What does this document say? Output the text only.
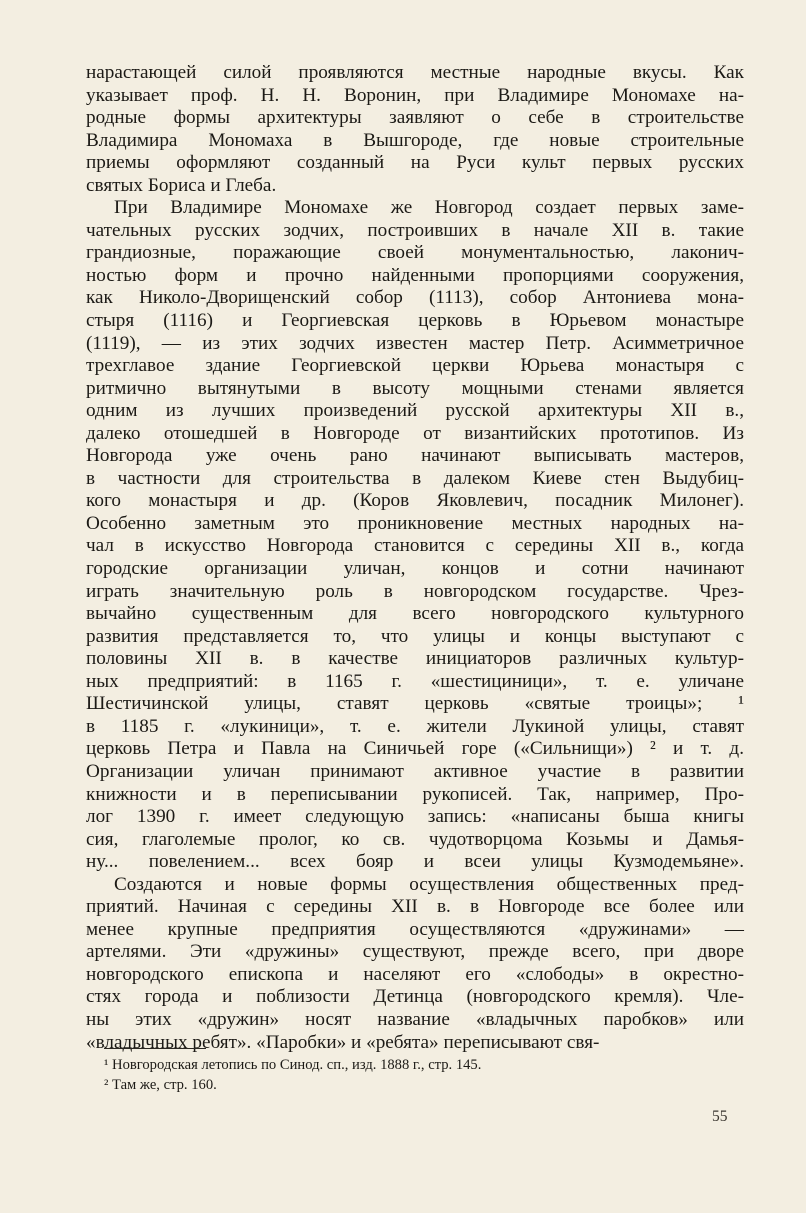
нарастающей силой проявляются местные народные вкусы. Как
указывает проф. Н. Н. Воронин, при Владимире Мономахе на-
родные формы архитектуры заявляют о себе в строительстве
Владимира Мономаха в Вышгороде, где новые строительные
приемы оформляют созданный на Руси культ первых русских
святых Бориса и Глеба.
При Владимире Мономахе же Новгород создает первых заме-
чательных русских зодчих, построивших в начале XII в. такие
грандиозные, поражающие своей монументальностью, лаконич-
ностью форм и прочно найденными пропорциями сооружения,
как Николо-Дворищенский собор (1113), собор Антониева мона-
стыря (1116) и Георгиевская церковь в Юрьевом монастыре
(1119), — из этих зодчих известен мастер Петр. Асимметричное
трехглавое здание Георгиевской церкви Юрьева монастыря с
ритмично вытянутыми в высоту мощными стенами является
одним из лучших произведений русской архитектуры XII в.,
далеко отошедшей в Новгороде от византийских прототипов. Из
Новгорода уже очень рано начинают выписывать мастеров,
в частности для строительства в далеком Киеве стен Выдубиц-
кого монастыря и др. (Коров Яковлевич, посадник Милонег).
Особенно заметным это проникновение местных народных на-
чал в искусство Новгорода становится с середины XII в., когда
городские организации уличан, концов и сотни начинают
играть значительную роль в новгородском государстве. Чрез-
вычайно существенным для всего новгородского культурного
развития представляется то, что улицы и концы выступают с
половины XII в. в качестве инициаторов различных культур-
ных предприятий: в 1165 г. «шестициници», т. е. уличане
Шестичинской улицы, ставят церковь «святые троицы»; ¹
в 1185 г. «лукиници», т. е. жители Лукиной улицы, ставят
церковь Петра и Павла на Синичьей горе («Сильнищи») ² и т. д.
Организации уличан принимают активное участие в развитии
книжности и в переписывании рукописей. Так, например, Про-
лог 1390 г. имеет следующую запись: «написаны быша книгы
сия, глаголемые пролог, ко св. чудотворцома Козьмы и Дамья-
ну... повелением... всех бояр и всеи улицы Кузмодемьяне».
Создаются и новые формы осуществления общественных пред-
приятий. Начиная с середины XII в. в Новгороде все более или
менее крупные предприятия осуществляются «дружинами» —
артелями. Эти «дружины» существуют, прежде всего, при дворе
новгородского епископа и населяют его «слободы» в окрестно-
стях города и поблизости Детинца (новгородского кремля). Чле-
ны этих «дружин» носят название «владычных паробков» или
«владычных ребят». «Паробки» и «ребята» переписывают свя-
¹ Новгородская летопись по Синод. сп., изд. 1888 г., стр. 145.
² Там же, стр. 160.
55
